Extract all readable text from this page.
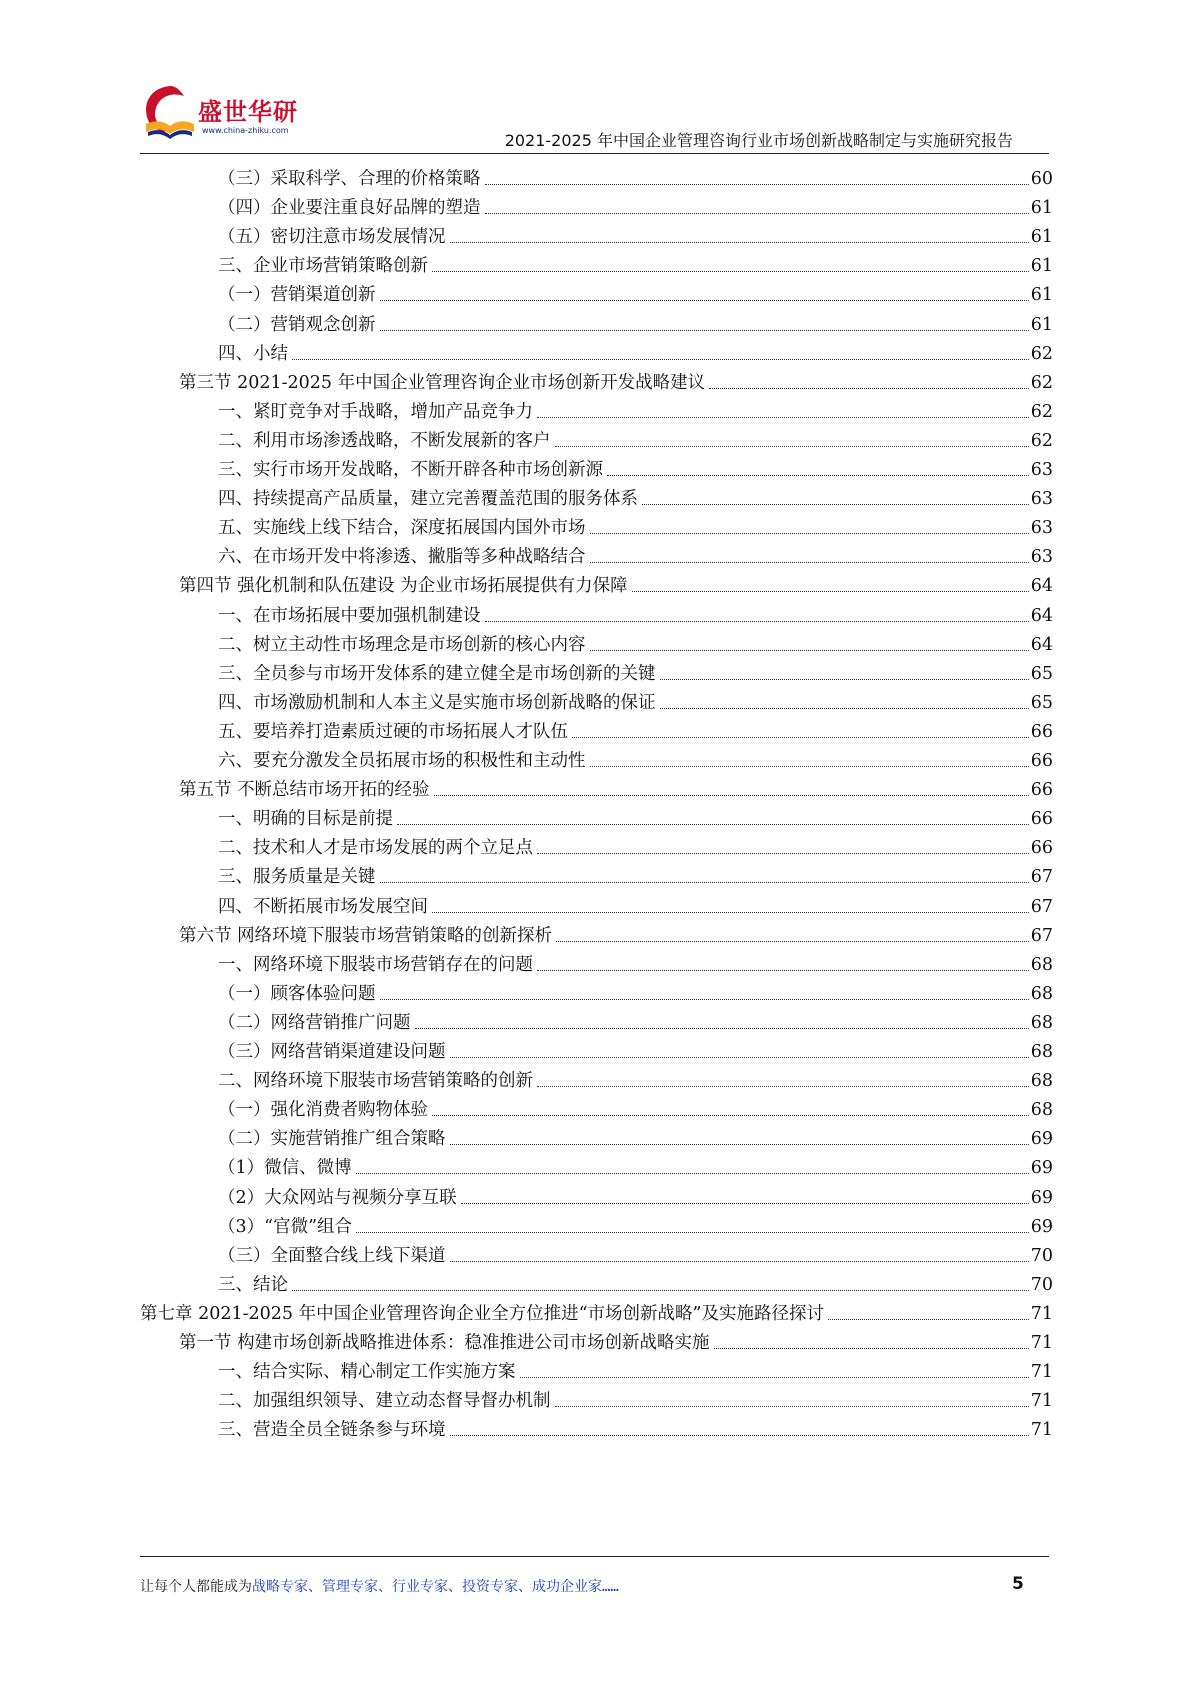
盛世华研
www.china-zhiku.com
2021-2025 年中国企业管理咨询行业市场创新战略制定与实施研究报告
（三）采取科学、合理的价格策略	60
（四）企业要注重良好品牌的塑造	61
（五）密切注意市场发展情况	61
三、企业市场营销策略创新	61
（一）营销渠道创新	61
（二）营销观念创新	61
四、小结	62
第三节 2021-2025 年中国企业管理咨询企业市场创新开发战略建议	62
一、紧盯竞争对手战略，增加产品竞争力	62
二、利用市场渗透战略，不断发展新的客户	62
三、实行市场开发战略，不断开辟各种市场创新源	63
四、持续提高产品质量，建立完善覆盖范围的服务体系	63
五、实施线上线下结合，深度拓展国内国外市场	63
六、在市场开发中将渗透、撇脂等多种战略结合	63
第四节 强化机制和队伍建设 为企业市场拓展提供有力保障	64
一、在市场拓展中要加强机制建设	64
二、树立主动性市场理念是市场创新的核心内容	64
三、全员参与市场开发体系的建立健全是市场创新的关键	65
四、市场激励机制和人本主义是实施市场创新战略的保证	65
五、要培养打造素质过硬的市场拓展人才队伍	66
六、要充分激发全员拓展市场的积极性和主动性	66
第五节 不断总结市场开拓的经验	66
一、明确的目标是前提	66
二、技术和人才是市场发展的两个立足点	66
三、服务质量是关键	67
四、不断拓展市场发展空间	67
第六节 网络环境下服装市场营销策略的创新探析	67
一、网络环境下服装市场营销存在的问题	68
（一）顾客体验问题	68
（二）网络营销推广问题	68
（三）网络营销渠道建设问题	68
二、网络环境下服装市场营销策略的创新	68
（一）强化消费者购物体验	68
（二）实施营销推广组合策略	69
（1）微信、微博	69
（2）大众网站与视频分享互联	69
（3）“官微”组合	69
（三）全面整合线上线下渠道	70
三、结论	70
第七章 2021-2025 年中国企业管理咨询企业全方位推进“市场创新战略”及实施路径探讨	71
第一节 构建市场创新战略推进体系：稳准推进公司市场创新战略实施	71
一、结合实际、精心制定工作实施方案	71
二、加强组织领导、建立动态督导督办机制	71
三、营造全员全链条参与环境	71
让每个人都能成为战略专家、管理专家、行业专家、投资专家、成功企业家……	5
